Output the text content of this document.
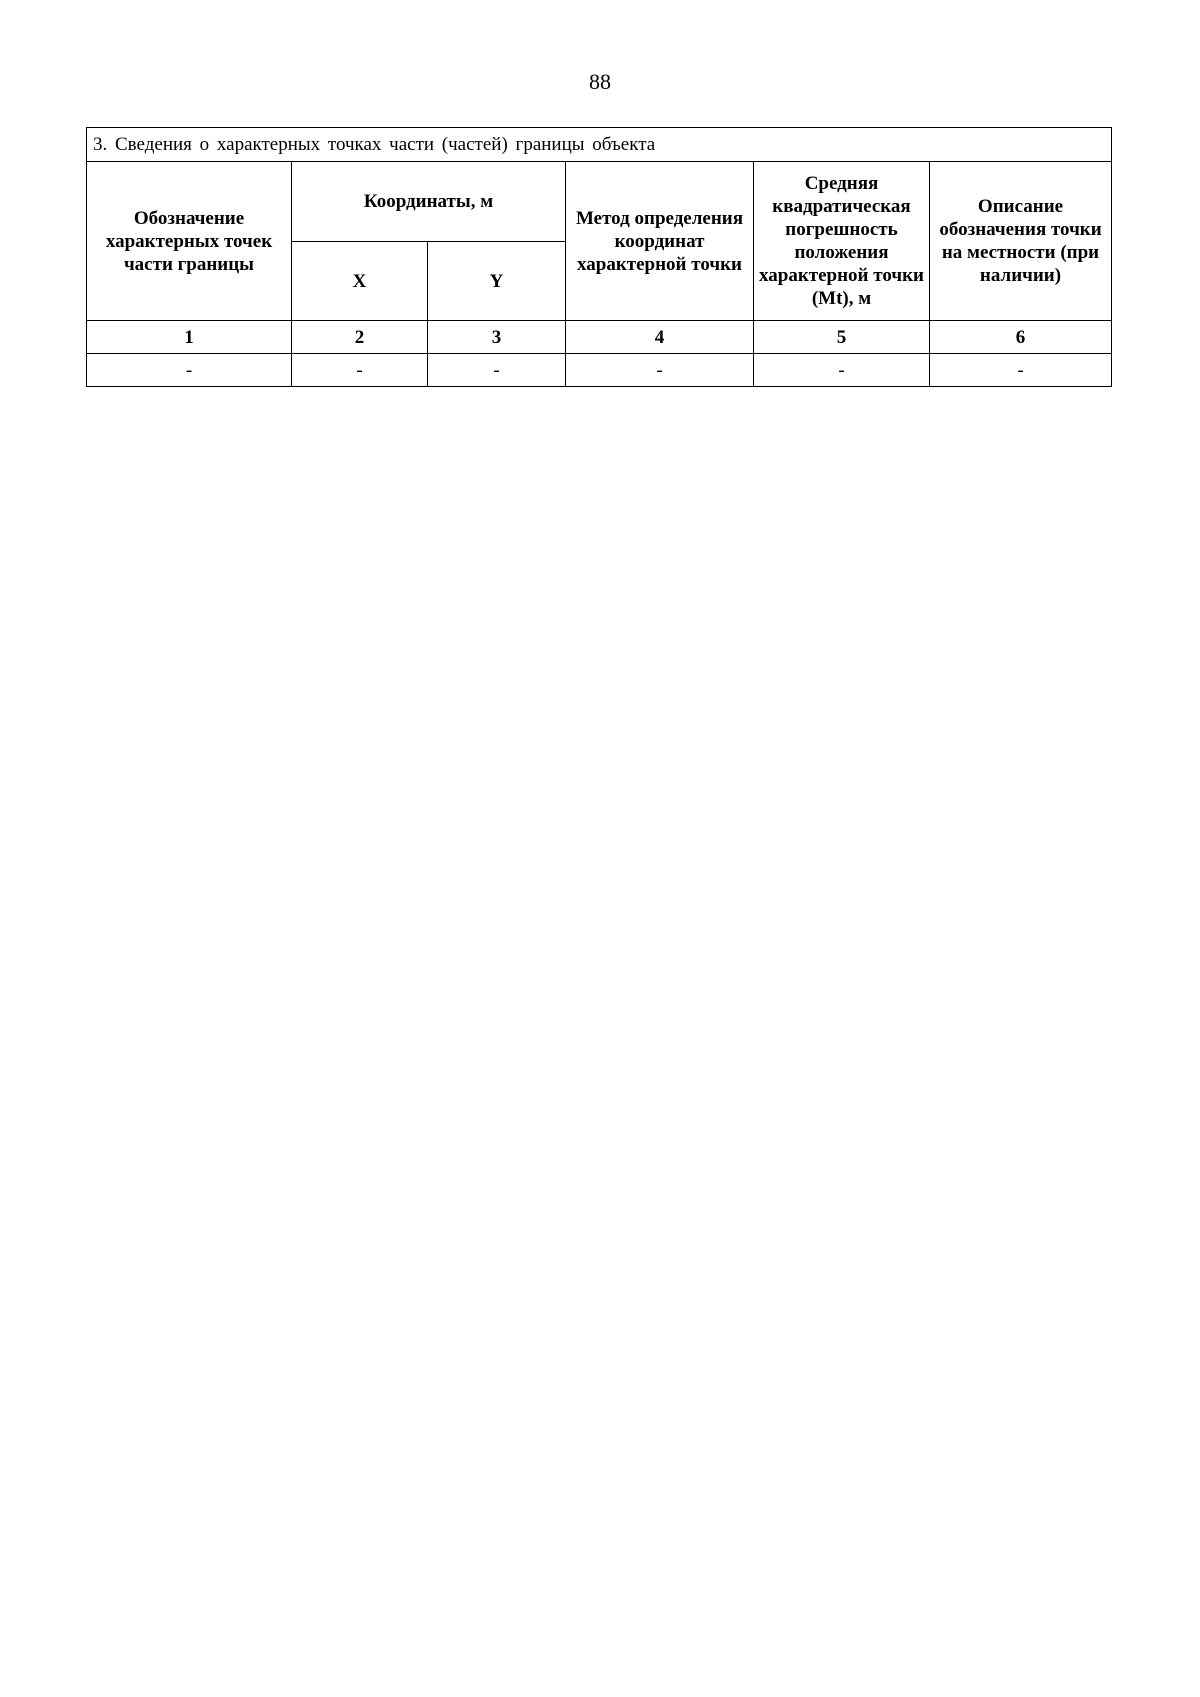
88
3. Сведения о характерных точках части (частей) границы объекта					
Обозначение характерных точек части границы	Координаты, м		Метод определения координат характерной точки	Средняя квадратическая погрешность положения характерной точки (Mt), м	Описание обозначения точки на местности (при наличии)
	X	Y			
1	2	3	4	5	6
-	-	-	-	-	-
